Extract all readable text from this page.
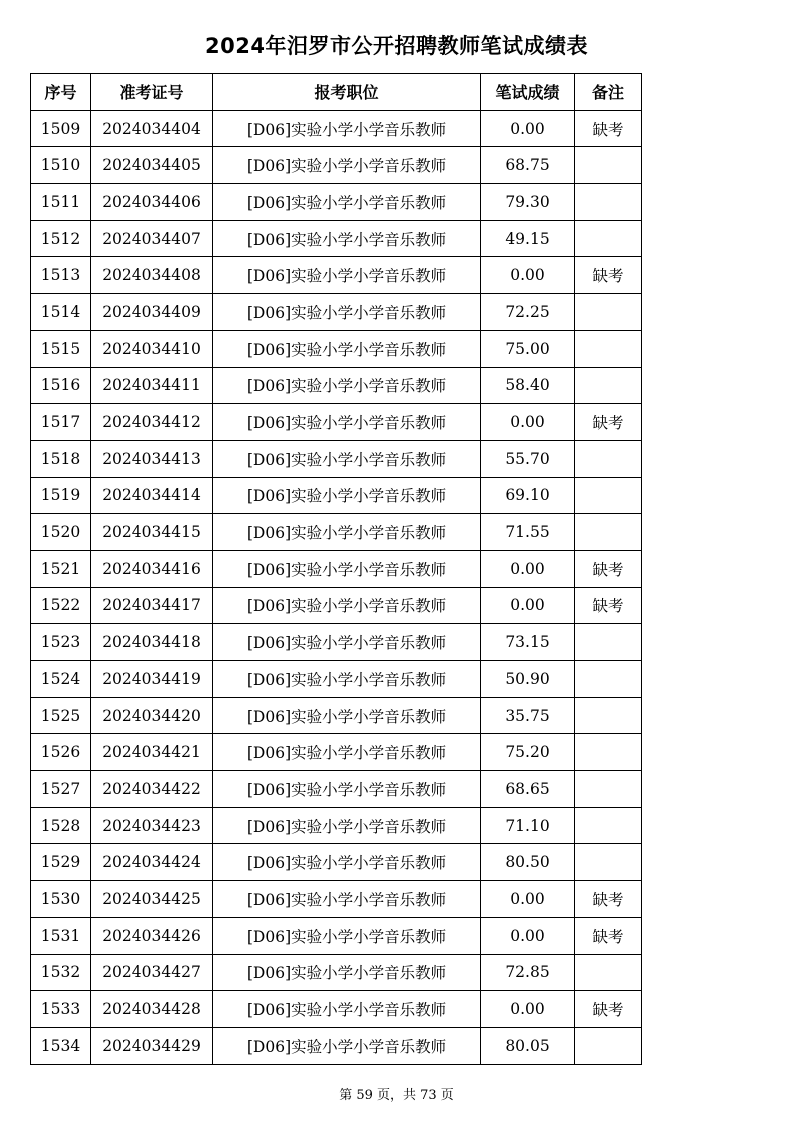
2024年汨罗市公开招聘教师笔试成绩表
序号	准考证号	报考职位	笔试成绩	备注
1509	2024034404	[D06]实验小学小学音乐教师	0.00	缺考
1510	2024034405	[D06]实验小学小学音乐教师	68.75	
1511	2024034406	[D06]实验小学小学音乐教师	79.30	
1512	2024034407	[D06]实验小学小学音乐教师	49.15	
1513	2024034408	[D06]实验小学小学音乐教师	0.00	缺考
1514	2024034409	[D06]实验小学小学音乐教师	72.25	
1515	2024034410	[D06]实验小学小学音乐教师	75.00	
1516	2024034411	[D06]实验小学小学音乐教师	58.40	
1517	2024034412	[D06]实验小学小学音乐教师	0.00	缺考
1518	2024034413	[D06]实验小学小学音乐教师	55.70	
1519	2024034414	[D06]实验小学小学音乐教师	69.10	
1520	2024034415	[D06]实验小学小学音乐教师	71.55	
1521	2024034416	[D06]实验小学小学音乐教师	0.00	缺考
1522	2024034417	[D06]实验小学小学音乐教师	0.00	缺考
1523	2024034418	[D06]实验小学小学音乐教师	73.15	
1524	2024034419	[D06]实验小学小学音乐教师	50.90	
1525	2024034420	[D06]实验小学小学音乐教师	35.75	
1526	2024034421	[D06]实验小学小学音乐教师	75.20	
1527	2024034422	[D06]实验小学小学音乐教师	68.65	
1528	2024034423	[D06]实验小学小学音乐教师	71.10	
1529	2024034424	[D06]实验小学小学音乐教师	80.50	
1530	2024034425	[D06]实验小学小学音乐教师	0.00	缺考
1531	2024034426	[D06]实验小学小学音乐教师	0.00	缺考
1532	2024034427	[D06]实验小学小学音乐教师	72.85	
1533	2024034428	[D06]实验小学小学音乐教师	0.00	缺考
1534	2024034429	[D06]实验小学小学音乐教师	80.05	
第 59 页，共 73 页
